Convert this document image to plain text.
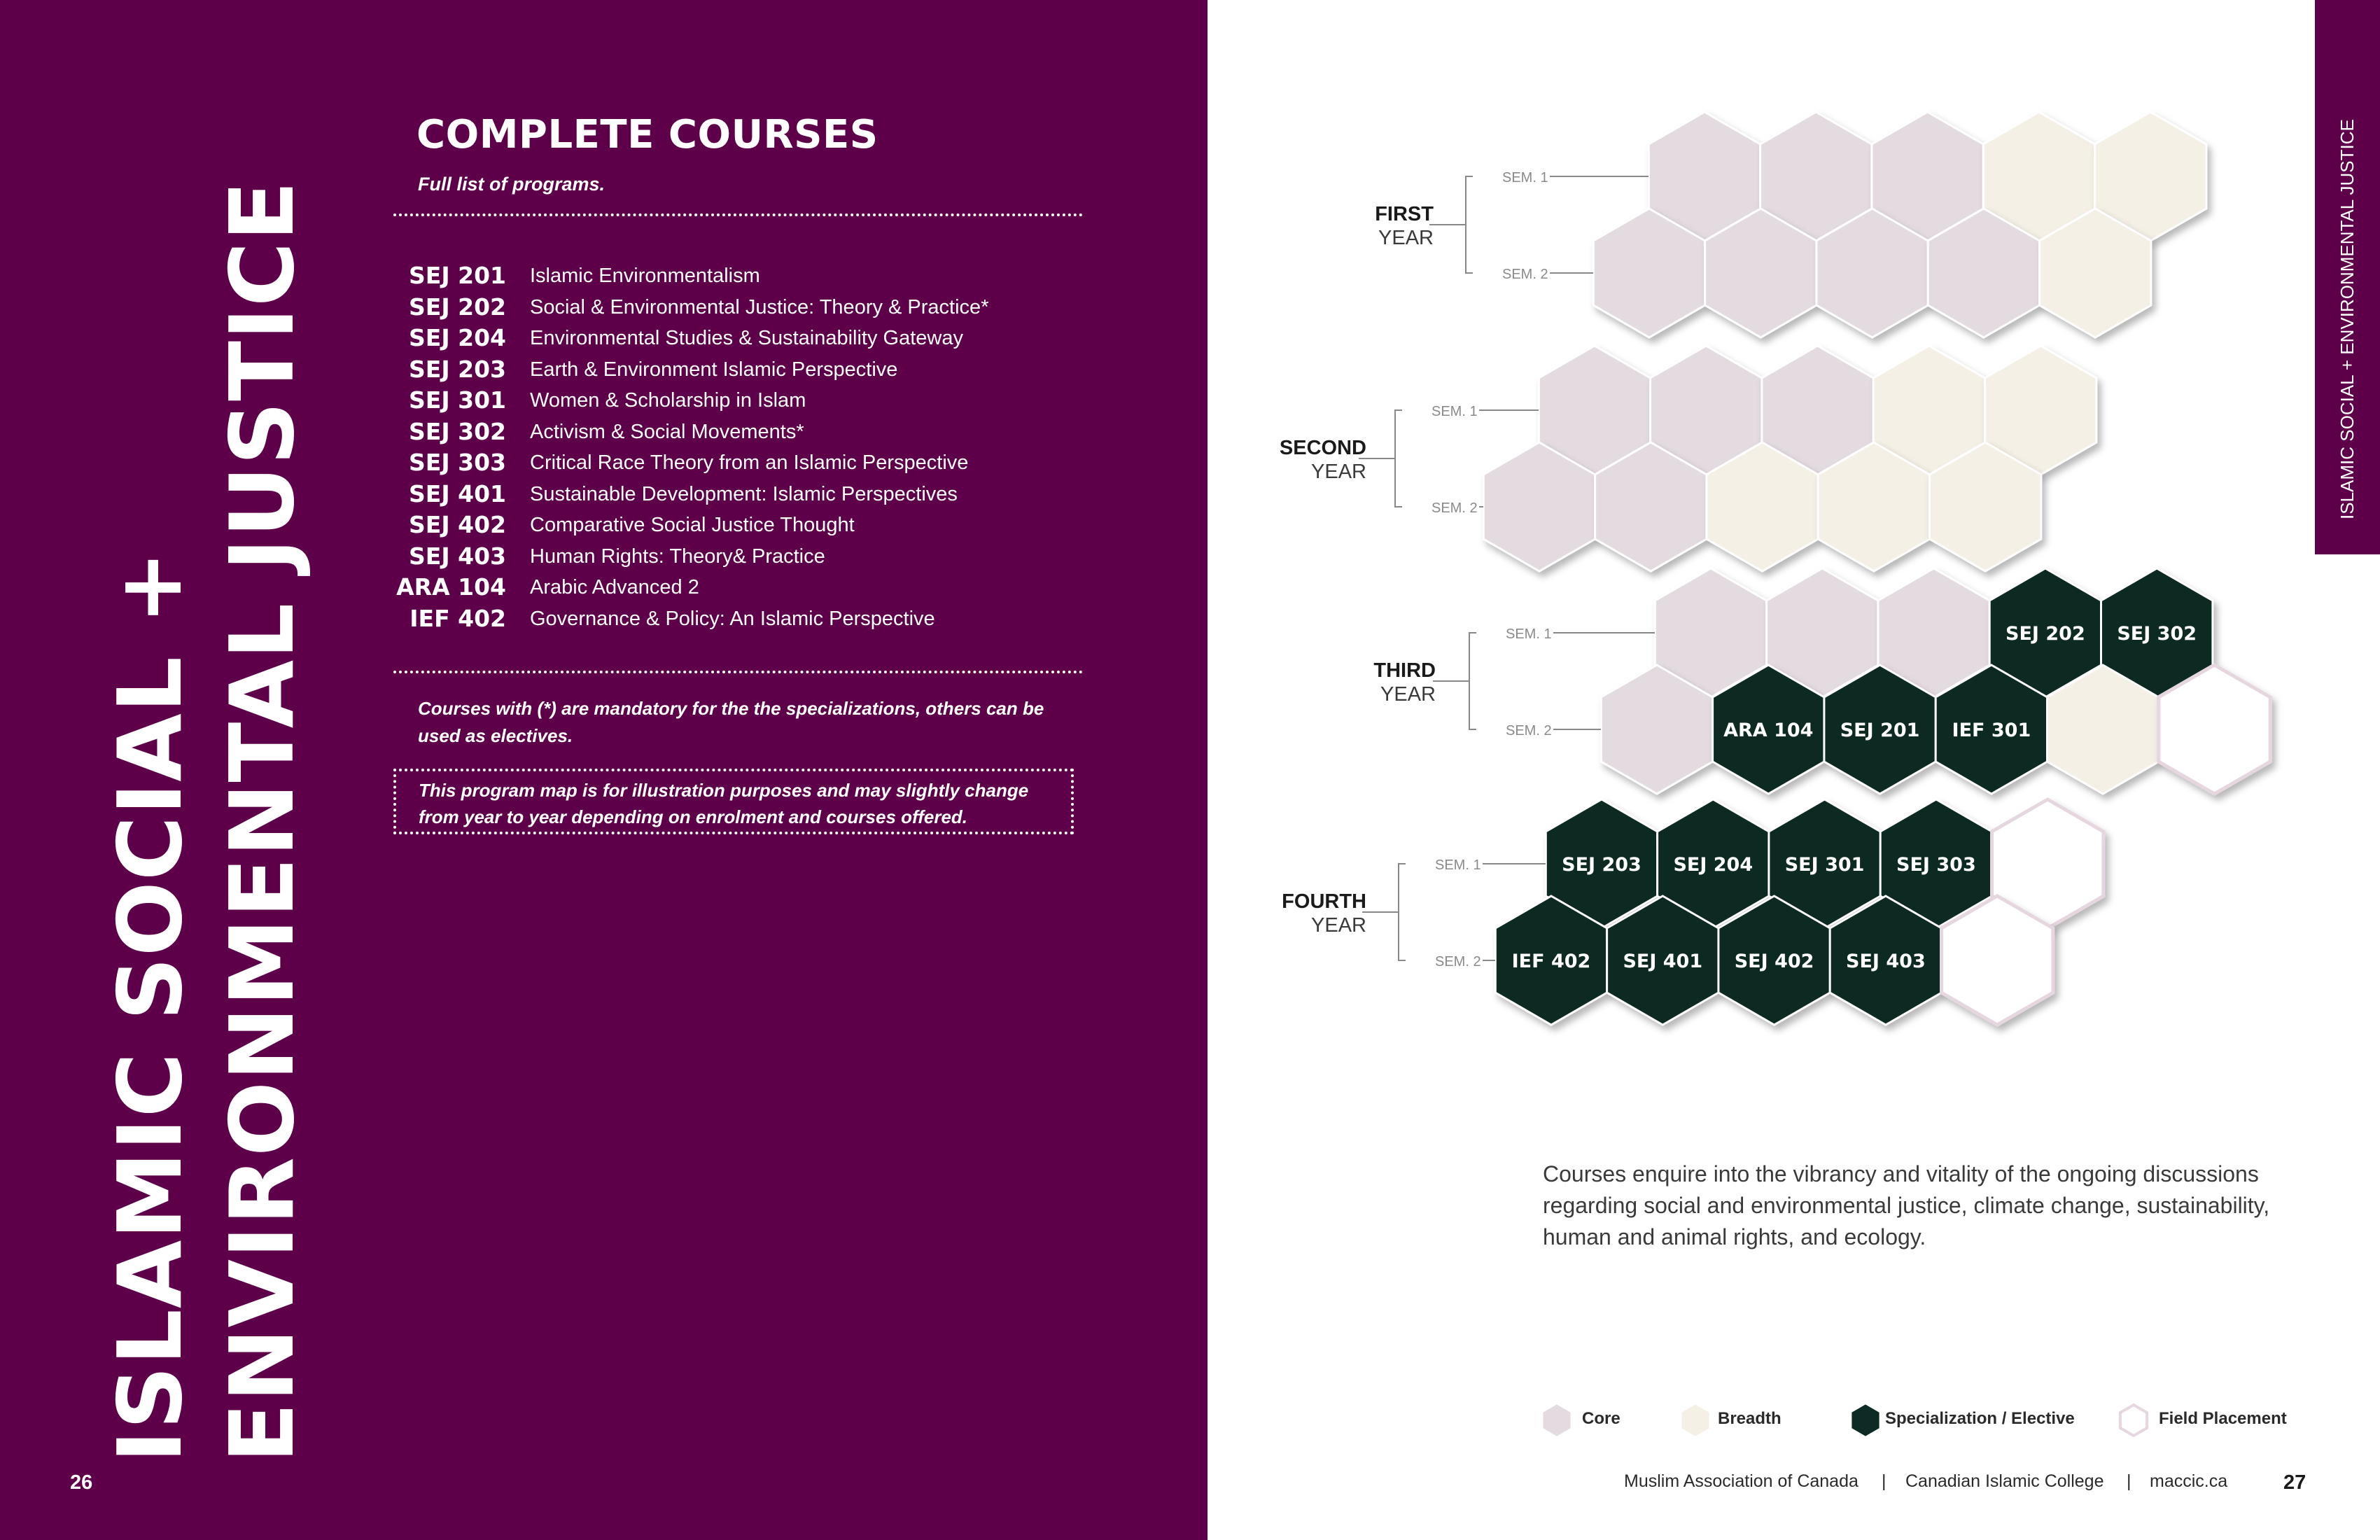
ISLAMIC SOCIAL + ENVIRONMENTAL JUSTICE
COMPLETE COURSES
Full list of programs.
SEJ 201 Islamic Environmentalism
SEJ 202 Social & Environmental Justice: Theory & Practice*
SEJ 204 Environmental Studies & Sustainability Gateway
SEJ 203 Earth & Environment Islamic Perspective
SEJ 301 Women & Scholarship in Islam
SEJ 302 Activism & Social Movements*
SEJ 303 Critical Race Theory from an Islamic Perspective
SEJ 401 Sustainable Development: Islamic Perspectives
SEJ 402 Comparative Social Justice Thought
SEJ 403 Human Rights: Theory& Practice
ARA 104 Arabic Advanced 2
IEF 402 Governance & Policy: An Islamic Perspective
Courses with (*) are mandatory for the the specializations, others can be used as electives.
This program map is for illustration purposes and may slightly change from year to year depending on enrolment and courses offered.
26
ISLAMIC SOCIAL + ENVIRONMENTAL JUSTICE
SEM. 1
SEM. 2
FIRST
YEAR
SEM. 1
SEM. 2
SECOND
YEAR
SEJ 202 SEJ 302
ARA 104 SEJ 201 IEF 301
SEM. 1
SEM. 2
THIRD
YEAR
SEJ 203 SEJ 204 SEJ 301 SEJ 303
IEF 402 SEJ 401 SEJ 402 SEJ 403
SEM. 1
SEM. 2
FOURTH
YEAR
Courses enquire into the vibrancy and vitality of the ongoing discussions regarding social and environmental justice, climate change, sustainability, human and animal rights, and ecology.
Core	Breadth	Specialization / Elective	Field Placement
Muslim Association of Canada | Canadian Islamic College | maccic.ca	27
